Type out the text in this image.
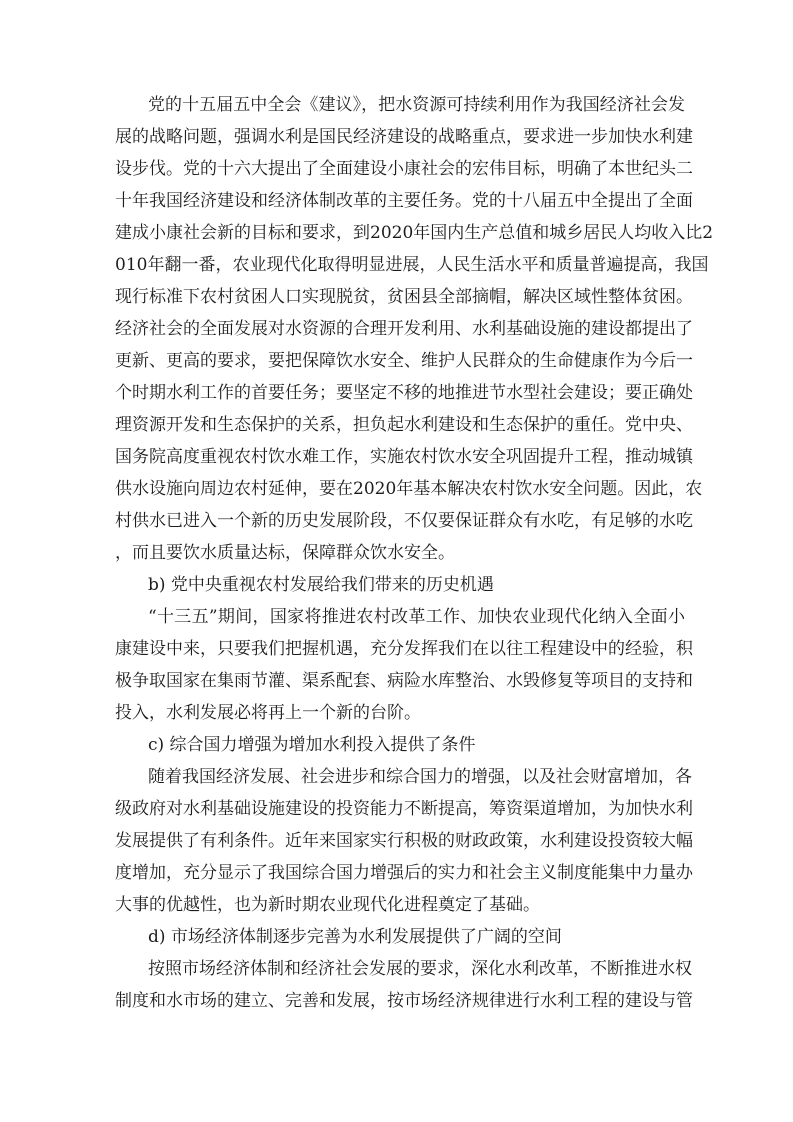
党的十五届五中全会《建议》，把水资源可持续利用作为我国经济社会发
展的战略问题，强调水利是国民经济建设的战略重点，要求进一步加快水利建
设步伐。党的十六大提出了全面建设小康社会的宏伟目标，明确了本世纪头二
十年我国经济建设和经济体制改革的主要任务。党的十八届五中全提出了全面
建成小康社会新的目标和要求，到2020年国内生产总值和城乡居民人均收入比2
010年翻一番，农业现代化取得明显进展，人民生活水平和质量普遍提高，我国
现行标准下农村贫困人口实现脱贫，贫困县全部摘帽，解决区域性整体贫困。
经济社会的全面发展对水资源的合理开发利用、水利基础设施的建设都提出了
更新、更高的要求，要把保障饮水安全、维护人民群众的生命健康作为今后一
个时期水利工作的首要任务；要坚定不移的地推进节水型社会建设；要正确处
理资源开发和生态保护的关系，担负起水利建设和生态保护的重任。党中央、
国务院高度重视农村饮水难工作，实施农村饮水安全巩固提升工程，推动城镇
供水设施向周边农村延伸，要在2020年基本解决农村饮水安全问题。因此，农
村供水已进入一个新的历史发展阶段，不仅要保证群众有水吃，有足够的水吃
，而且要饮水质量达标，保障群众饮水安全。
b) 党中央重视农村发展给我们带来的历史机遇
“十三五”期间，国家将推进农村改革工作、加快农业现代化纳入全面小
康建设中来，只要我们把握机遇，充分发挥我们在以往工程建设中的经验，积
极争取国家在集雨节灌、渠系配套、病险水库整治、水毁修复等项目的支持和
投入，水利发展必将再上一个新的台阶。
c) 综合国力增强为增加水利投入提供了条件
随着我国经济发展、社会进步和综合国力的增强，以及社会财富增加，各
级政府对水利基础设施建设的投资能力不断提高，筹资渠道增加，为加快水利
发展提供了有利条件。近年来国家实行积极的财政政策，水利建设投资较大幅
度增加，充分显示了我国综合国力增强后的实力和社会主义制度能集中力量办
大事的优越性，也为新时期农业现代化进程奠定了基础。
d) 市场经济体制逐步完善为水利发展提供了广阔的空间
按照市场经济体制和经济社会发展的要求，深化水利改革，不断推进水权
制度和水市场的建立、完善和发展，按市场经济规律进行水利工程的建设与管
